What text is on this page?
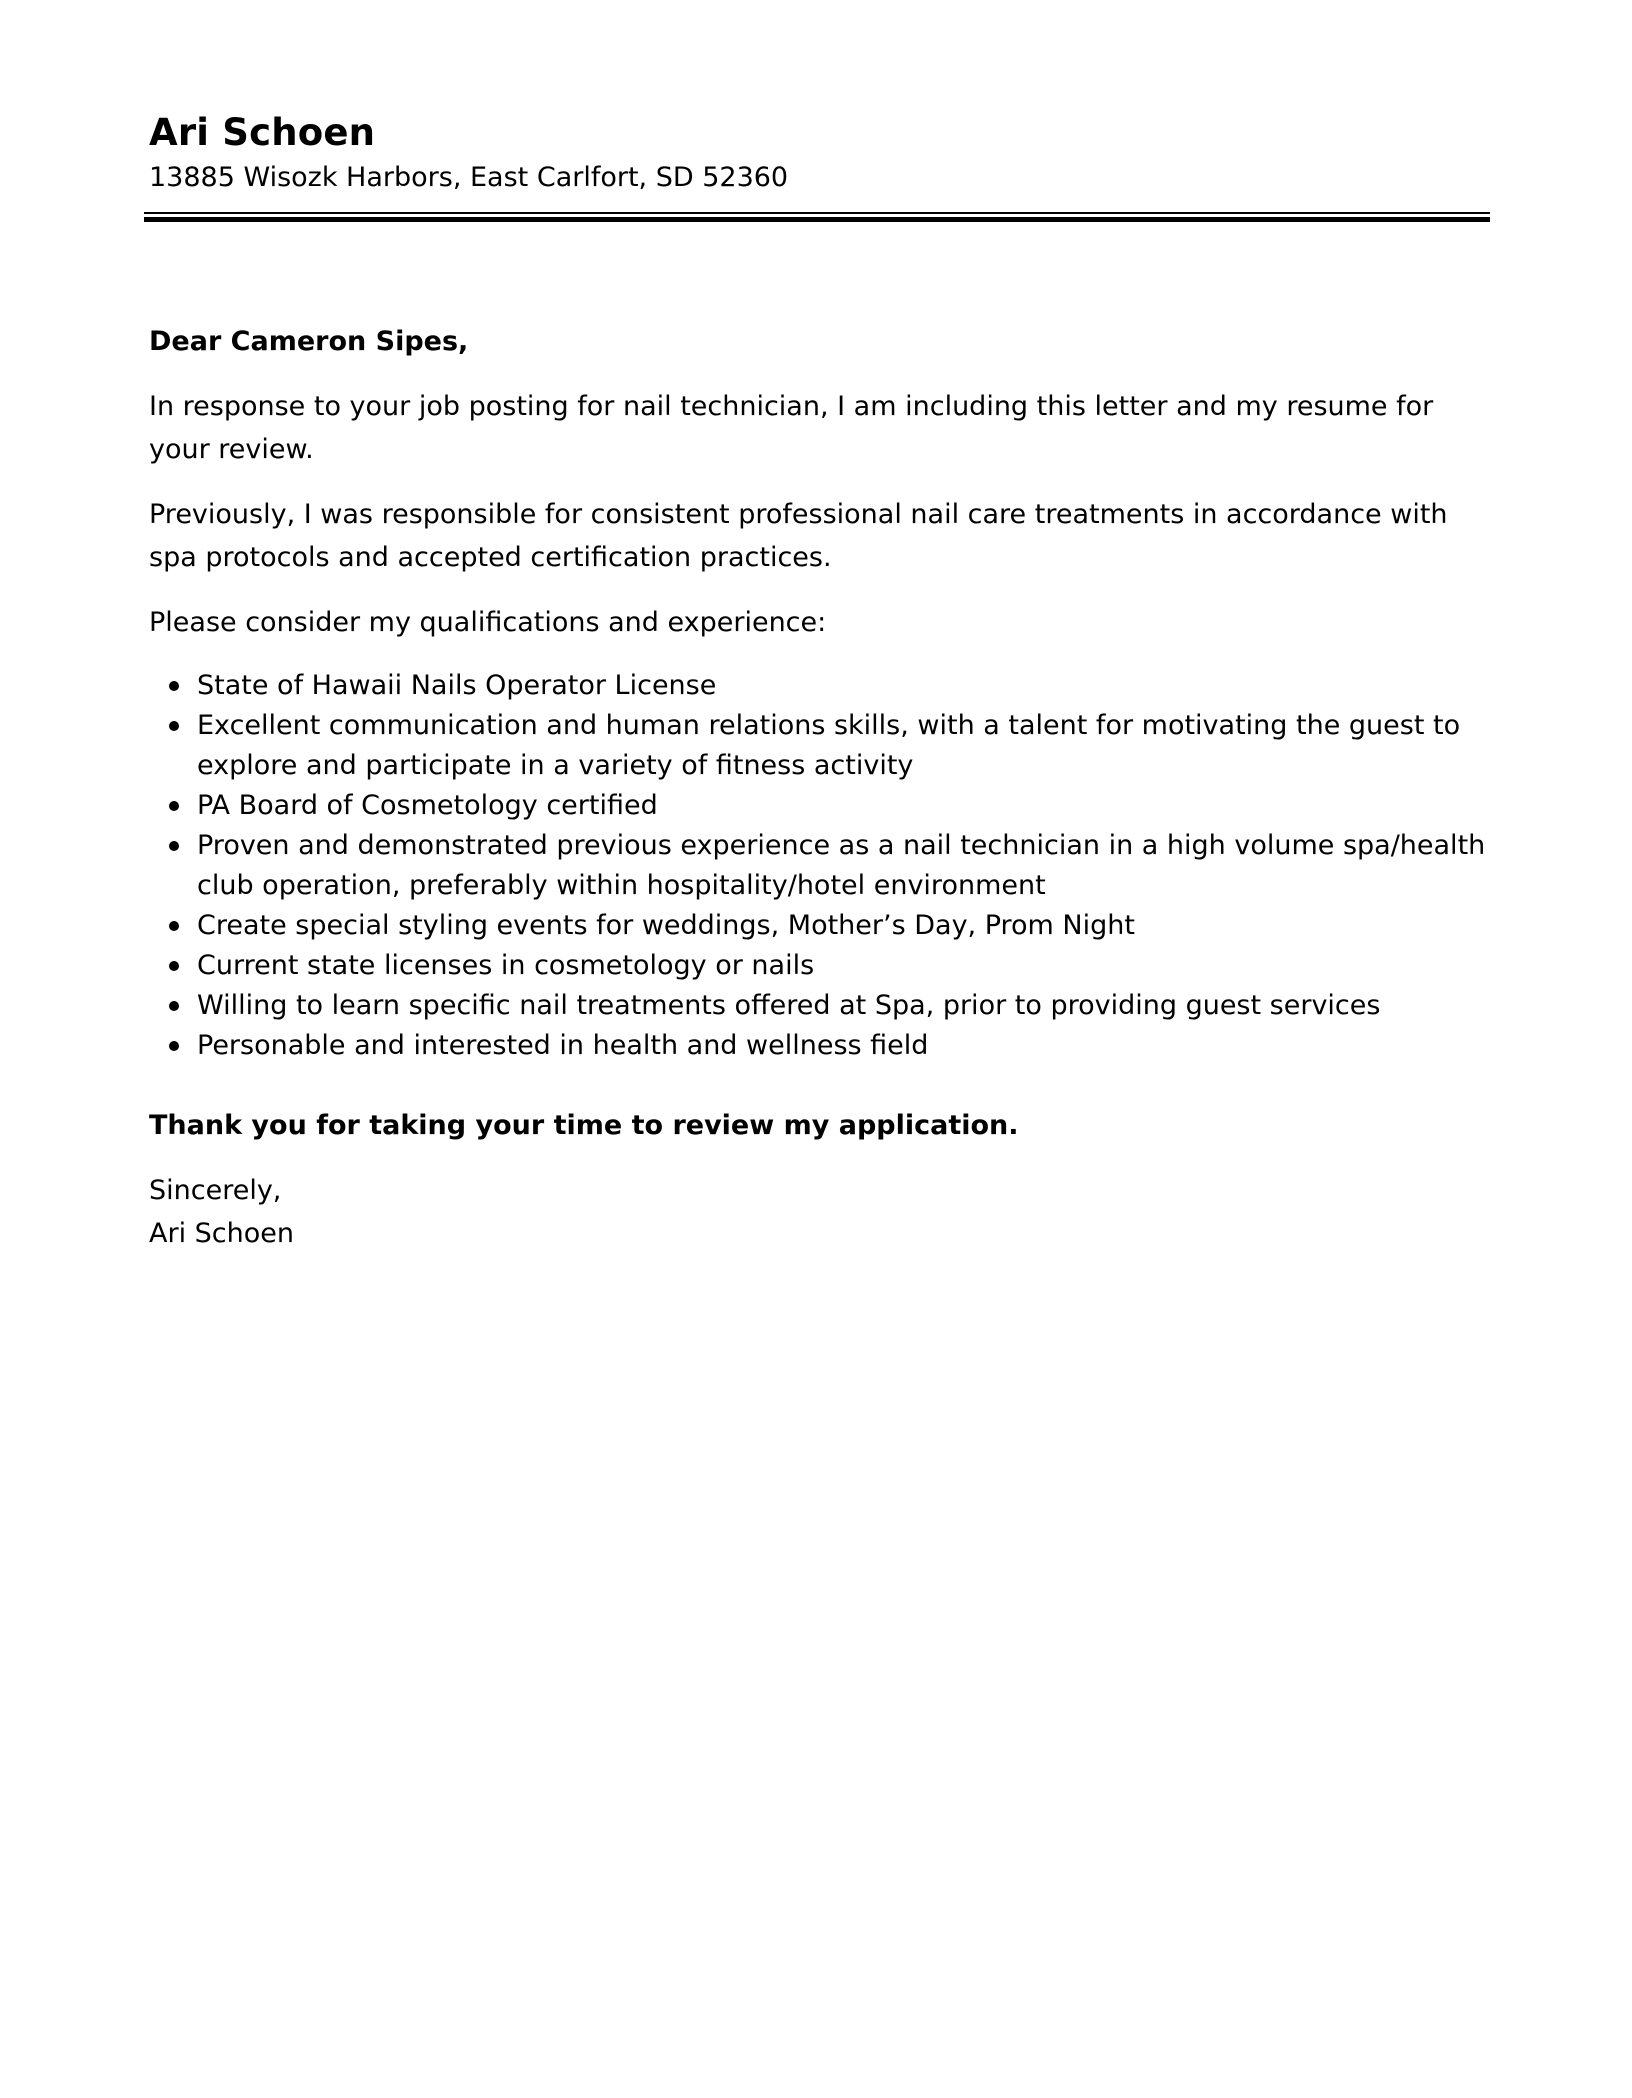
Ari Schoen

13885 Wisozk Harbors, East Carlfort, SD 52360

Dear Cameron Sipes,

In response to your job posting for nail technician, I am including this letter and my resume for your review.

Previously, I was responsible for consistent professional nail care treatments in accordance with spa protocols and accepted certification practices.

Please consider my qualifications and experience:

State of Hawaii Nails Operator License
Excellent communication and human relations skills, with a talent for motivating the guest to explore and participate in a variety of fitness activity
PA Board of Cosmetology certified
Proven and demonstrated previous experience as a nail technician in a high volume spa/health club operation, preferably within hospitality/hotel environment
Create special styling events for weddings, Mother’s Day, Prom Night
Current state licenses in cosmetology or nails
Willing to learn specific nail treatments offered at Spa, prior to providing guest services
Personable and interested in health and wellness field

Thank you for taking your time to review my application.

Sincerely,

Ari Schoen
